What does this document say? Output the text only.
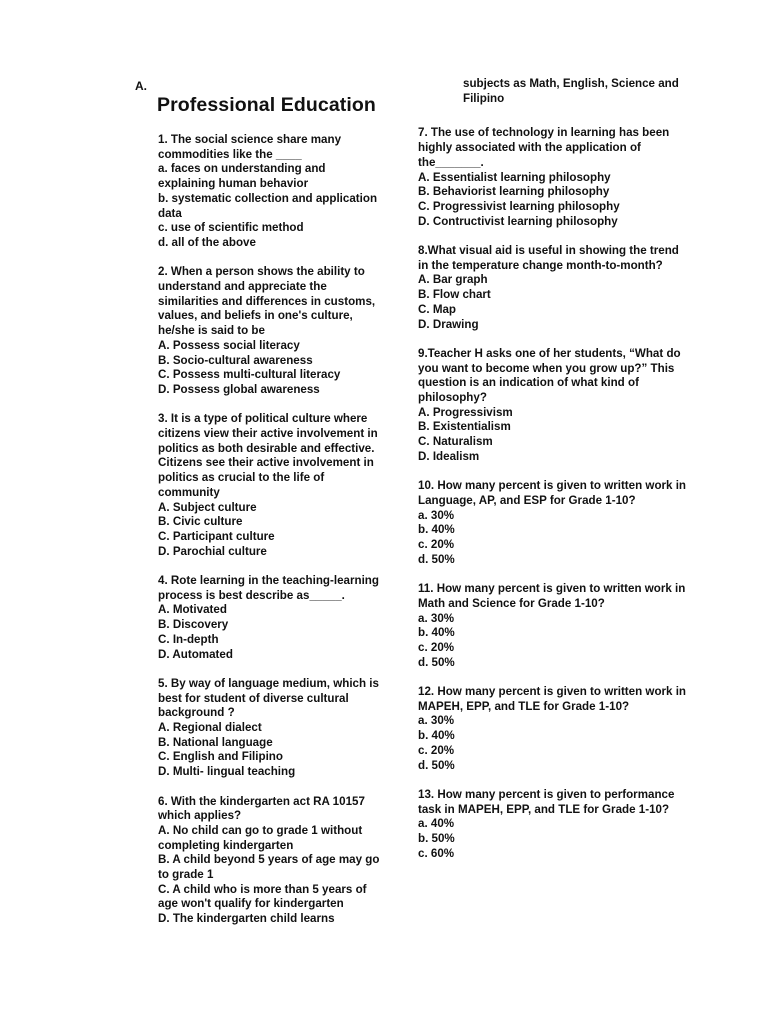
A.
Professional Education

1. The social science share many commodities like the ____

a. faces on understanding and explaining human behavior
b. systematic collection and application data
c. use of scientific method
d. all of the above

2. When a person shows the ability to understand and appreciate the similarities and differences in customs, values, and beliefs in one's culture, he/she is said to be

A. Possess social literacy
B. Socio-cultural awareness
C. Possess multi-cultural literacy
D. Possess global awareness

3. It is a type of political culture where citizens view their active involvement in politics as both desirable and effective. Citizens see their active involvement in politics as crucial to the life of community

A. Subject culture
B. Civic culture
C. Participant culture
D. Parochial culture

4. Rote learning in the teaching-learning process is best describe as_____.

A. Motivated
B. Discovery
C. In-depth
D. Automated

5. By way of language medium, which is best for student of diverse cultural background ?

A. Regional dialect
B. National language
C. English and Filipino
D. Multi- lingual teaching

6. With the kindergarten act RA 10157 which applies?

A. No child can go to grade 1 without completing kindergarten
B. A child beyond 5 years of age may go to grade 1
C. A child who is more than 5 years of age won't qualify for kindergarten
D. The kindergarten child learns
subjects as Math, English, Science and Filipino

7. The use of technology in learning has been highly associated with the application of the_______.

A. Essentialist learning philosophy
B. Behaviorist learning philosophy
C. Progressivist learning philosophy
D. Contructivist learning philosophy

8.What visual aid is useful in showing the trend in the temperature change month-to-month?

A. Bar graph
B. Flow chart
C. Map
D. Drawing

9.Teacher H asks one of her students, “What do you want to become when you grow up?” This question is an indication of what kind of philosophy?

A. Progressivism
B. Existentialism
C. Naturalism
D. Idealism

10. How many percent is given to written work in Language, AP, and ESP for Grade 1-10?

a. 30%
b. 40%
c. 20%
d. 50%

11. How many percent is given to written work in Math and Science for Grade 1-10?

a. 30%
b. 40%
c. 20%
d. 50%

12. How many percent is given to written work in MAPEH, EPP, and TLE for Grade 1-10?

a. 30%
b. 40%
c. 20%
d. 50%

13. How many percent is given to performance task in MAPEH, EPP, and TLE for Grade 1-10?

a. 40%
b. 50%
c. 60%
